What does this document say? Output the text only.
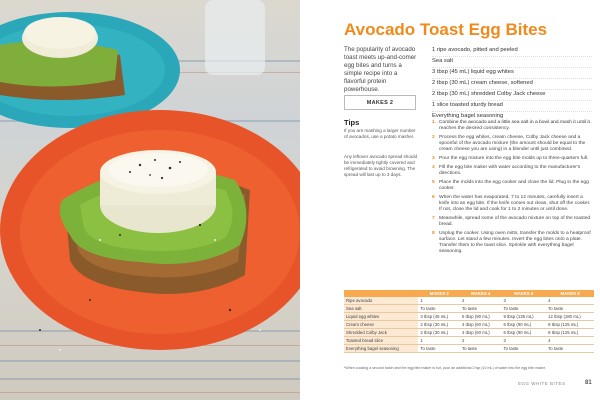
Avocado Toast Egg Bites
The popularity of avocado toast meets up-and-comer egg bites and turns a simple recipe into a flavorful protein powerhouse.
MAKES 2
Tips
If you are mashing a larger number of avocados, use a potato masher.
Any leftover avocado spread should be immediately tightly covered and refrigerated to avoid browning. The spread will last up to 3 days.
1 ripe avocado, pitted and peeled
Sea salt
3 tbsp (45 mL) liquid egg whites
2 tbsp (30 mL) cream cheese, softened
2 tbsp (30 mL) shredded Colby Jack cheese
1 slice toasted sturdy bread
Everything bagel seasoning
1 Combine the avocado and a little sea salt in a bowl and mash it until it reaches the desired consistency.
2 Process the egg whites, cream cheese, Colby Jack cheese and a spoonful of the avocado mixture (the amount should be equal to the cream cheese you are using) in a blender until just combined.
3 Pour the egg mixture into the egg bite molds up to three-quarters full.
4 Fill the egg bite maker with water according to the manufacturer's directions.
5 Place the molds into the egg cooker and close the lid. Plug in the egg cooker.
6 When the water has evaporated, 7 to 12 minutes, carefully insert a knife into an egg bite. If the knife comes out clean, shut off the cooker. If not, close the lid and cook for 1 to 2 minutes or until done.
7 Meanwhile, spread some of the avocado mixture on top of the toasted bread.
8 Unplug the cooker. Using oven mitts, transfer the molds to a heatproof surface. Let stand a few minutes. Invert the egg bites onto a plate. Transfer them to the toast slice. Sprinkle with everything bagel seasoning.
	MAKES 2	MAKES 4	MAKES 6	MAKES 8
Ripe avocado	1	2	3	4
Sea salt	To taste	To taste	To taste	To taste
Liquid egg whites	3 tbsp (45 mL)	6 tbsp (90 mL)	9 tbsp (135 mL)	12 tbsp (180 mL)
Cream cheese	2 tbsp (30 mL)	4 tbsp (60 mL)	6 tbsp (90 mL)	8 tbsp (125 mL)
Shredded Colby Jack	2 tbsp (30 mL)	4 tbsp (60 mL)	6 tbsp (90 mL)	8 tbsp (125 mL)
Toasted bread slice	1	2	3	4
Everything bagel seasoning	To taste	To taste	To taste	To taste
*When cooking a second batch and the egg bite maker is hot, pour an additional 2 tsp (10 mL) of water into the egg bite maker.
EGG WHITE BITES	81
